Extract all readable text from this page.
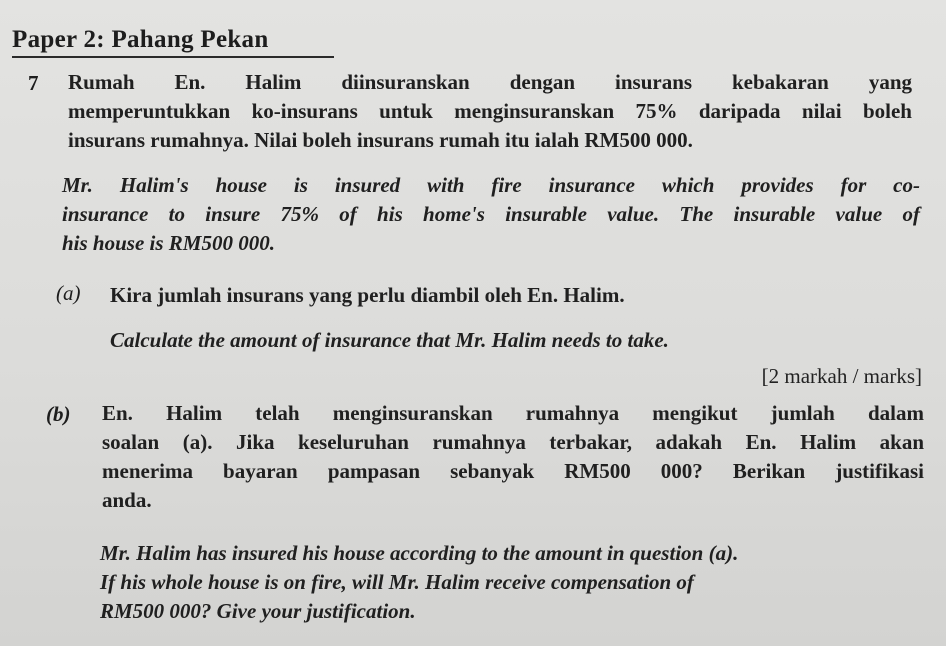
Paper 2: Pahang Pekan
7 Rumah En. Halim diinsuranskan dengan insurans kebakaran yang
memperuntukkan ko-insurans untuk menginsuranskan 75% daripada nilai boleh
insurans rumahnya. Nilai boleh insurans rumah itu ialah RM500 000.
Mr. Halim's house is insured with fire insurance which provides for co-
insurance to insure 75% of his home's insurable value. The insurable value of
his house is RM500 000.
(a) Kira jumlah insurans yang perlu diambil oleh En. Halim.
Calculate the amount of insurance that Mr. Halim needs to take.
[2 markah / marks]
(b) En. Halim telah menginsuranskan rumahnya mengikut jumlah dalam
soalan (a). Jika keseluruhan rumahnya terbakar, adakah En. Halim akan
menerima bayaran pampasan sebanyak RM500 000? Berikan justifikasi
anda.
Mr. Halim has insured his house according to the amount in question (a).
If his whole house is on fire, will Mr. Halim receive compensation of
RM500 000? Give your justification.
